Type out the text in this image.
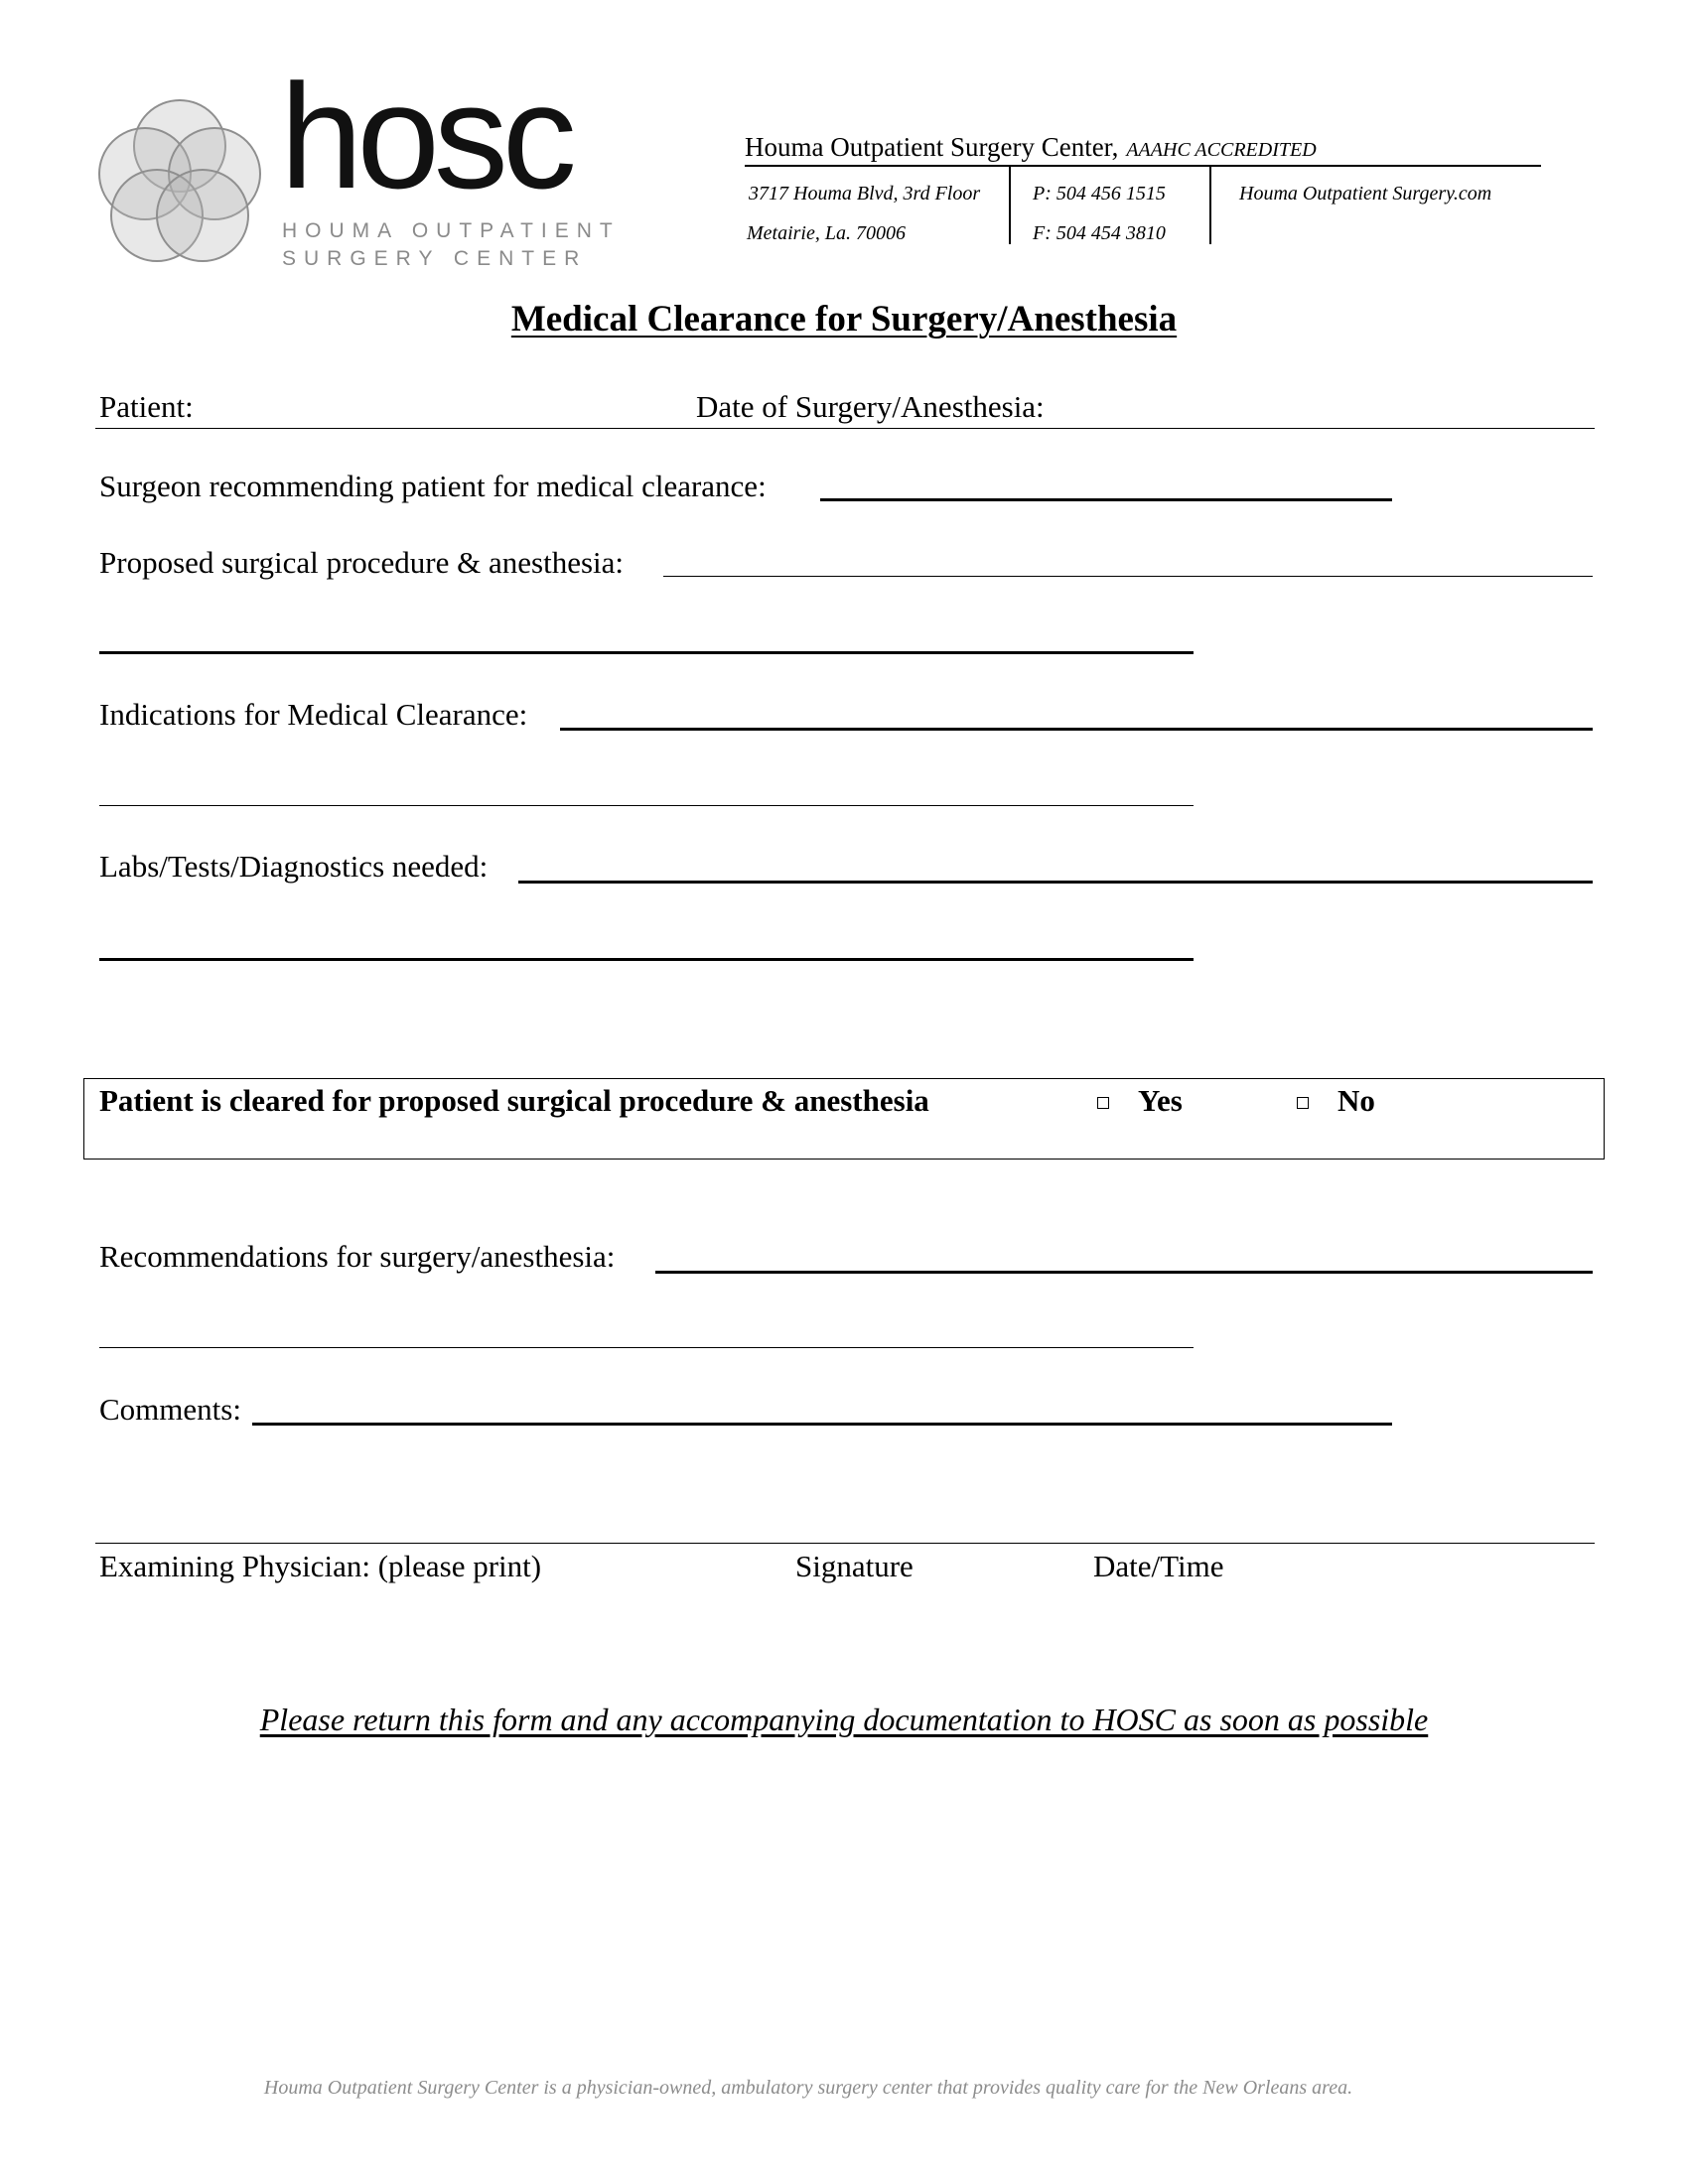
hosc
HOUMA OUTPATIENT
SURGERY CENTER
Houma Outpatient Surgery Center, AAAHC ACCREDITED
3717 Houma Blvd, 3rd Floor
Metairie, La. 70006
P: 504 456 1515
F: 504 454 3810
Houma Outpatient Surgery.com
Medical Clearance for Surgery/Anesthesia
Patient:	Date of Surgery/Anesthesia:
Surgeon recommending patient for medical clearance:
Proposed surgical procedure & anesthesia:
Indications for Medical Clearance:
Labs/Tests/Diagnostics needed:
Patient is cleared for proposed surgical procedure & anesthesia	Yes	No
Recommendations for surgery/anesthesia:
Comments:
Examining Physician: (please print)	Signature	Date/Time
Please return this form and any accompanying documentation to HOSC as soon as possible
Houma Outpatient Surgery Center is a physician-owned, ambulatory surgery center that provides quality care for the New Orleans area.
